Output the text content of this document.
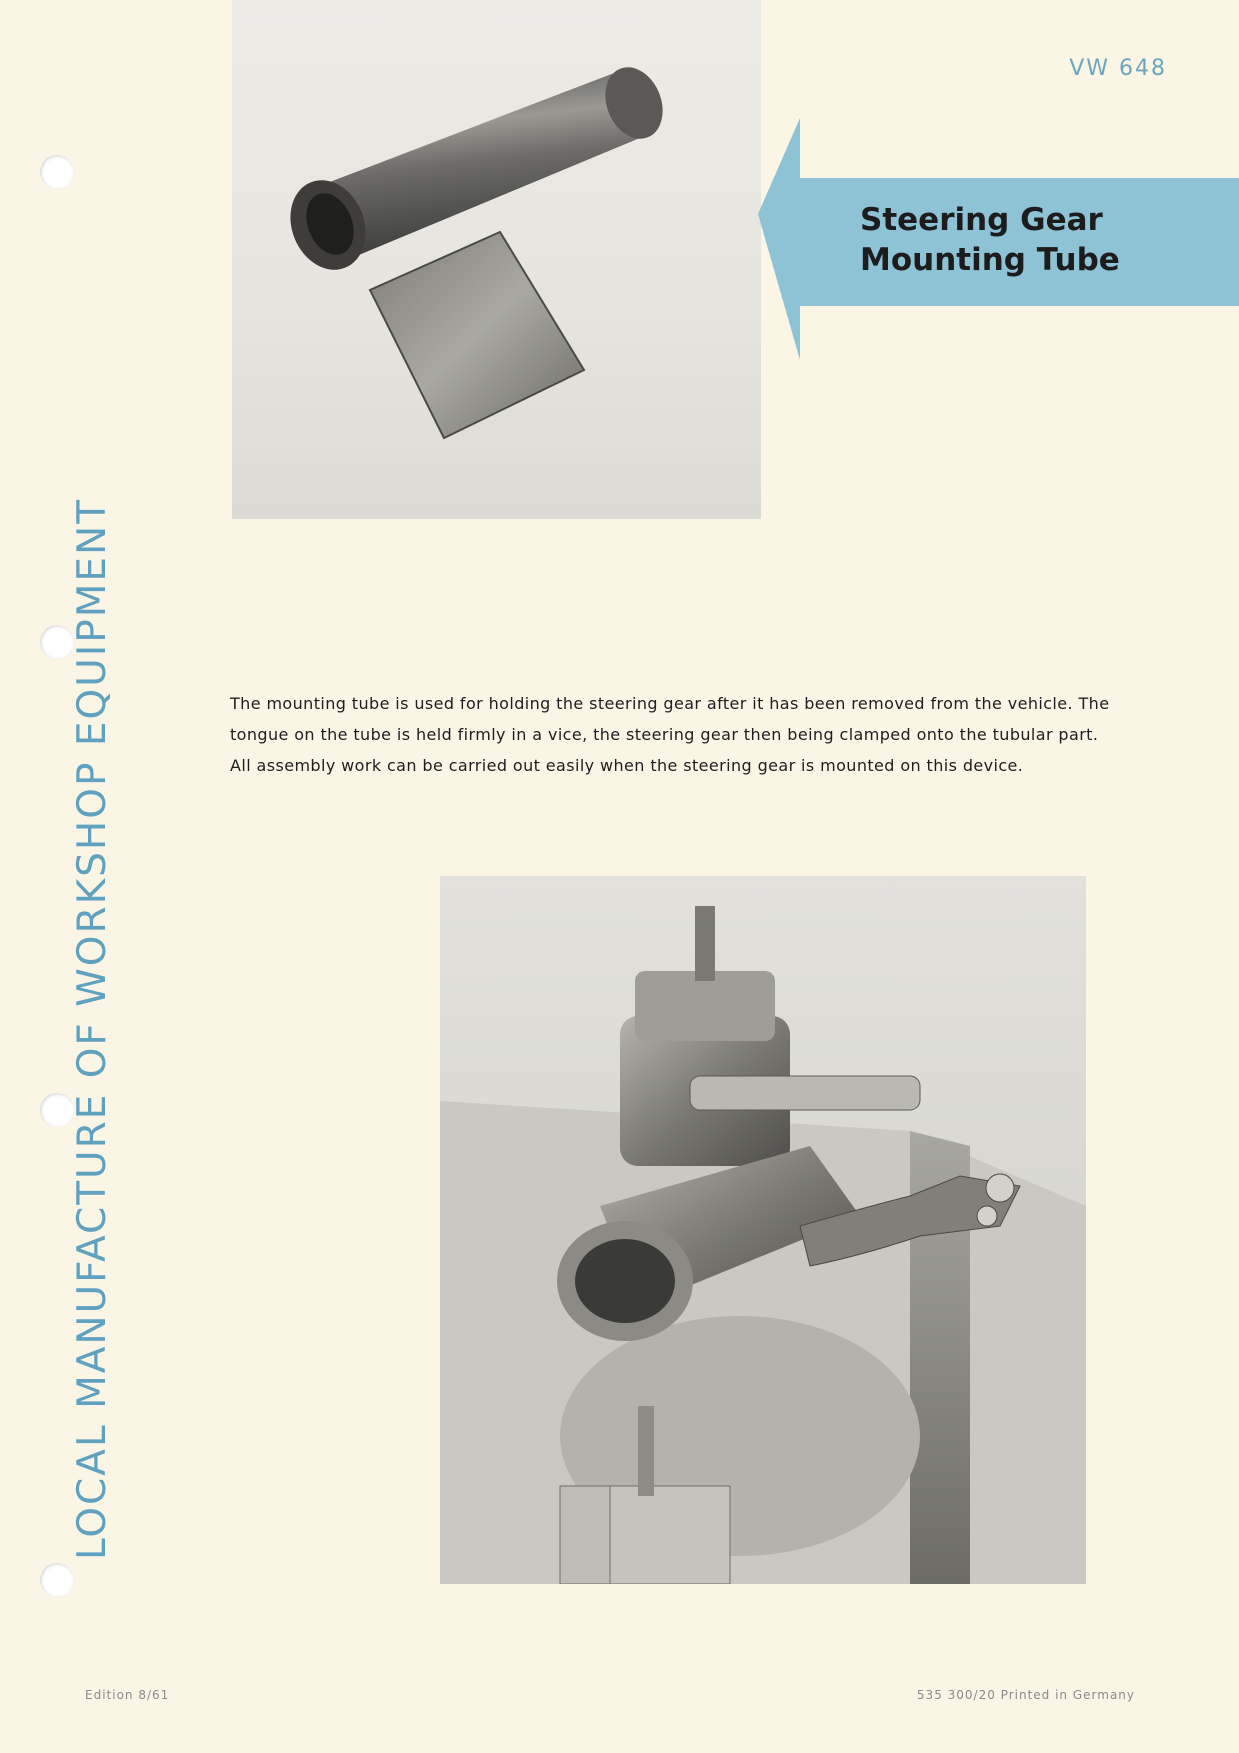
LOCAL MANUFACTURE OF WORKSHOP EQUIPMENT
VW 648
Steering Gear
Mounting Tube

The mounting tube is used for holding the steering gear after it has been removed from the vehicle. The

tongue on the tube is held firmly in a vice, the steering gear then being clamped onto the tubular part.

All assembly work can be carried out easily when the steering gear is mounted on this device.

Edition 8/61	535 300/20 Printed in Germany
